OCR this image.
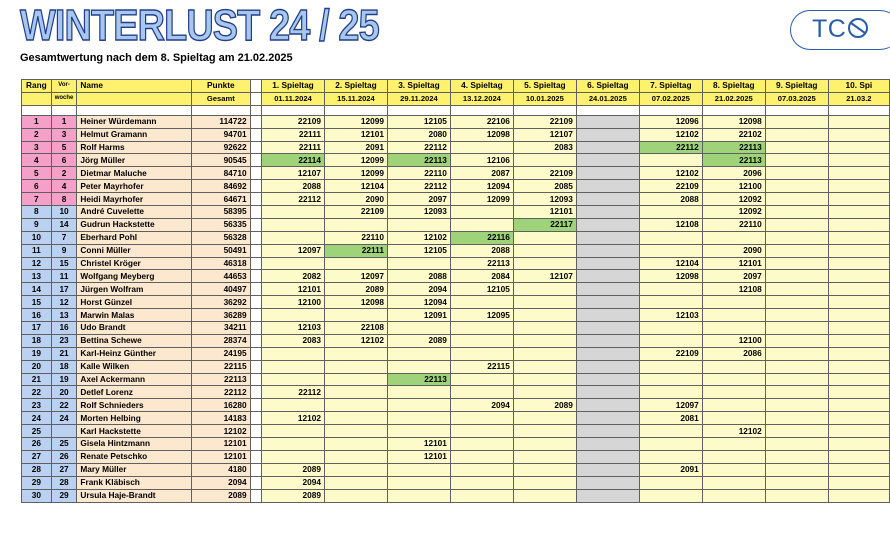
WINTERLUST 24 / 25
Gesamtwertung nach dem 8. Spieltag am 21.02.2025
TC
Rang	Vor-	Name	Punkte		1. Spieltag	2. Spieltag	3. Spieltag	4. Spieltag	5. Spieltag	6. Spieltag	7. Spieltag	8. Spieltag	9. Spieltag	10. Spi
	woche		Gesamt		01.11.2024	15.11.2024	29.11.2024	13.12.2024	10.01.2025	24.01.2025	07.02.2025	21.02.2025	07.03.2025	21.03.2

1	1	Heiner Würdemann	114722		22109	12099	12105	22106	22109		12096	12098		
2	3	Helmut Gramann	94701		22111	12101	2080	12098	12107		12102	22102		
3	5	Rolf Harms	92622		22111	2091	22112		2083		22112	22113		
4	6	Jörg Müller	90545		22114	12099	22113	12106				22113		
5	2	Dietmar Maluche	84710		12107	12099	22110	2087	22109		12102	2096		
6	4	Peter Mayrhofer	84692		2088	12104	22112	12094	2085		22109	12100		
7	8	Heidi Mayrhofer	64671		22112	2090	2097	12099	12093		2088	12092		
8	10	André Cuvelette	58395			22109	12093		12101			12092		
9	14	Gudrun Hackstette	56335						22117		12108	22110		
10	7	Eberhard Pohl	56328			22110	12102	22116						
11	9	Conni Müller	50491		12097	22111	12105	2088				2090		
12	15	Christel Kröger	46318					22113			12104	12101		
13	11	Wolfgang Meyberg	44653		2082	12097	2088	2084	12107		12098	2097		
14	17	Jürgen Wolfram	40497		12101	2089	2094	12105				12108		
15	12	Horst Günzel	36292		12100	12098	12094							
16	13	Marwin Malas	36289				12091	12095			12103			
17	16	Udo Brandt	34211		12103	22108								
18	23	Bettina Schewe	28374		2083	12102	2089					12100		
19	21	Karl-Heinz Günther	24195								22109	2086		
20	18	Kalle Wilken	22115					22115						
21	19	Axel Ackermann	22113				22113							
22	20	Detlef Lorenz	22112		22112									
23	22	Rolf Schnieders	16280					2094	2089		12097			
24	24	Morten Helbing	14183		12102						2081			
25		Karl Hackstette	12102									12102		
26	25	Gisela Hintzmann	12101				12101							
27	26	Renate Petschko	12101				12101							
28	27	Mary Müller	4180		2089						2091			
29	28	Frank Kläbisch	2094		2094									
30	29	Ursula Haje-Brandt	2089		2089									
